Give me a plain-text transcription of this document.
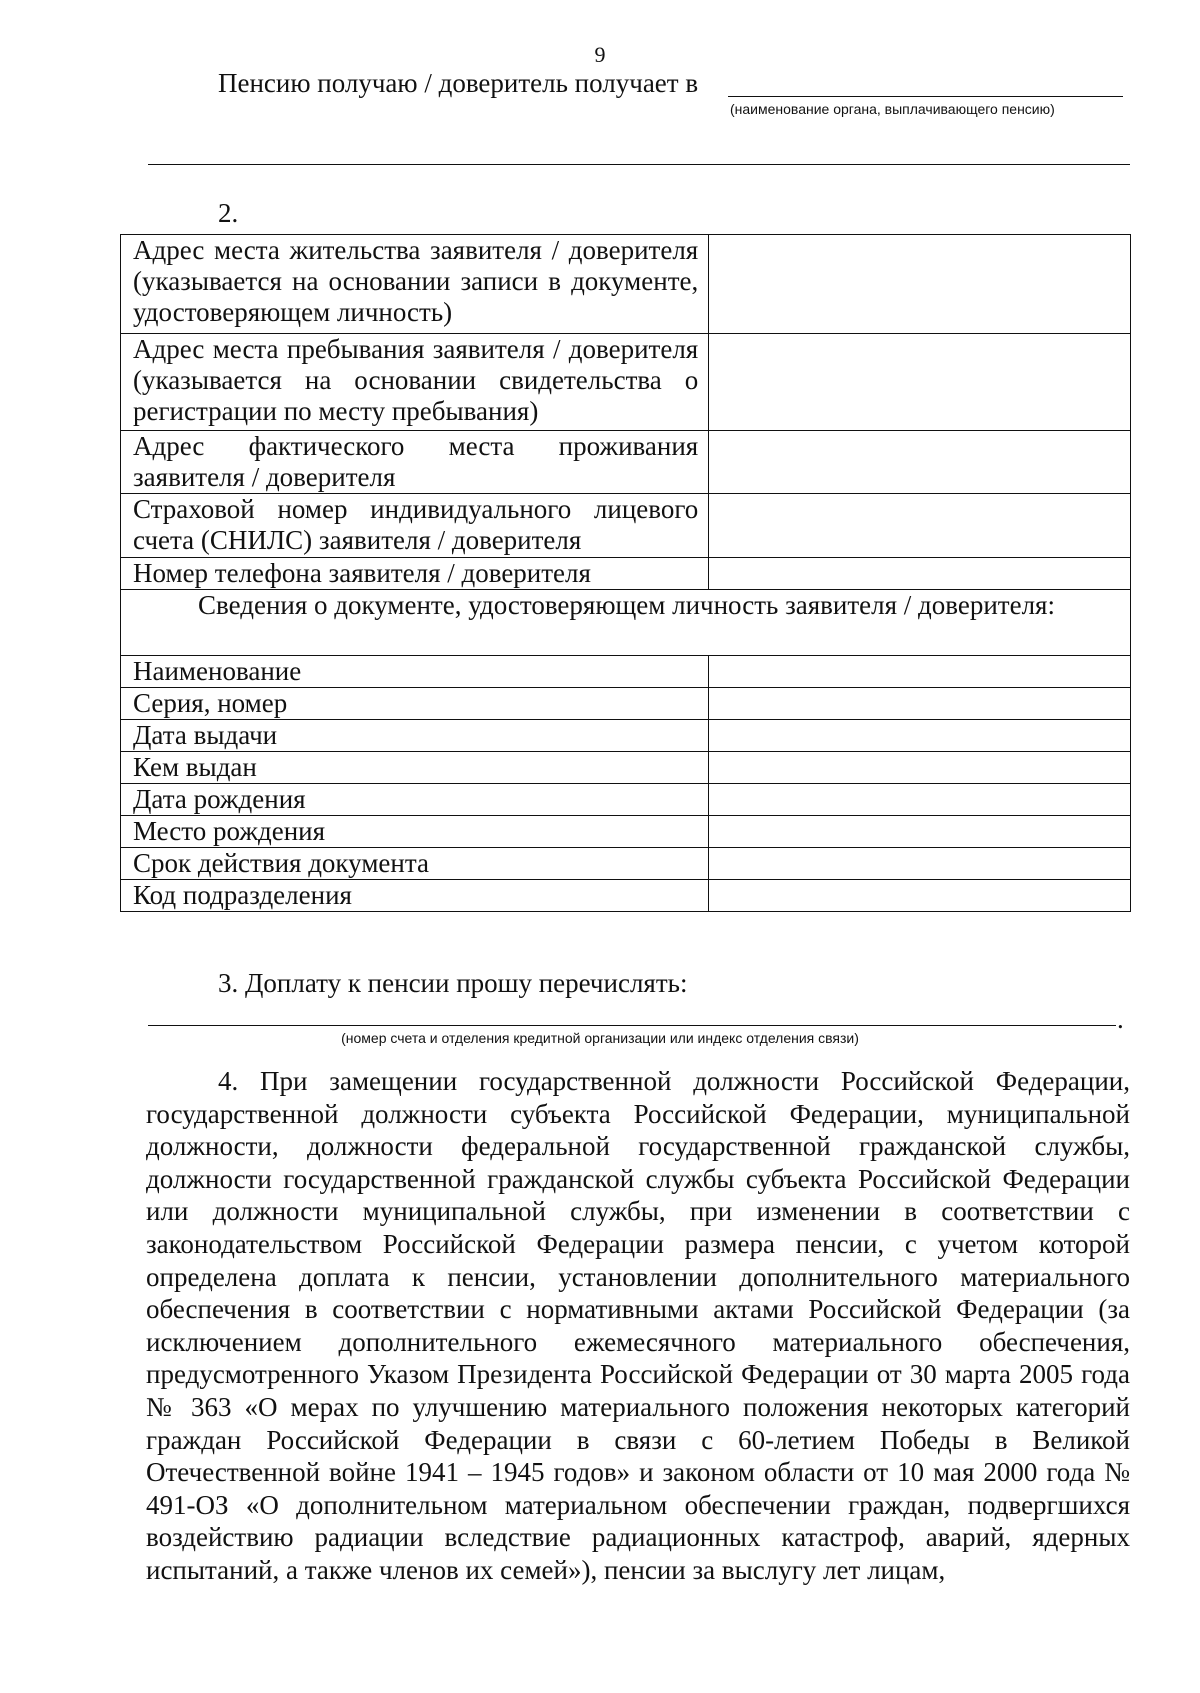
9
Пенсию получаю / доверитель получает в
(наименование органа, выплачивающего пенсию)
2.
Адрес места жительства заявителя / доверителя (указывается на основании записи в документе, удостоверяющем личность)	
Адрес места пребывания заявителя / доверителя (указывается на основании свидетельства о регистрации по месту пребывания)	
Адрес фактического места проживания заявителя / доверителя	
Страховой номер индивидуального лицевого счета (СНИЛС) заявителя / доверителя	
Номер телефона заявителя / доверителя	
Сведения о документе, удостоверяющем личность заявителя / доверителя:	
Наименование	
Серия, номер	
Дата выдачи	
Кем выдан	
Дата рождения	
Место рождения	
Срок действия документа	
Код подразделения	
3. Доплату к пенсии прошу перечислять:
.
(номер счета и отделения кредитной организации или индекс отделения связи)

4. При замещении государственной должности Российской Федерации, государственной должности субъекта Российской Федерации, муниципальной должности, должности федеральной государственной гражданской службы, должности государственной гражданской службы субъекта Российской Федерации или должности муниципальной службы, при изменении в соответствии с законодательством Российской Федерации размера пенсии, с учетом которой определена доплата к пенсии, установлении дополнительного материального обеспечения в соответствии с нормативными актами Российской Федерации (за исключением дополнительного ежемесячного материального обеспечения, предусмотренного Указом Президента Российской Федерации от 30 марта 2005 года № 363 «О мерах по улучшению материального положения некоторых категорий граждан Российской Федерации в связи с 60-летием Победы в Великой Отечественной войне 1941 – 1945 годов» и законом области от 10 мая 2000 года № 491-ОЗ «О дополнительном материальном обеспечении граждан, подвергшихся воздействию радиации вследствие радиационных катастроф, аварий, ядерных испытаний, а также членов их семей»), пенсии за выслугу лет лицам,
